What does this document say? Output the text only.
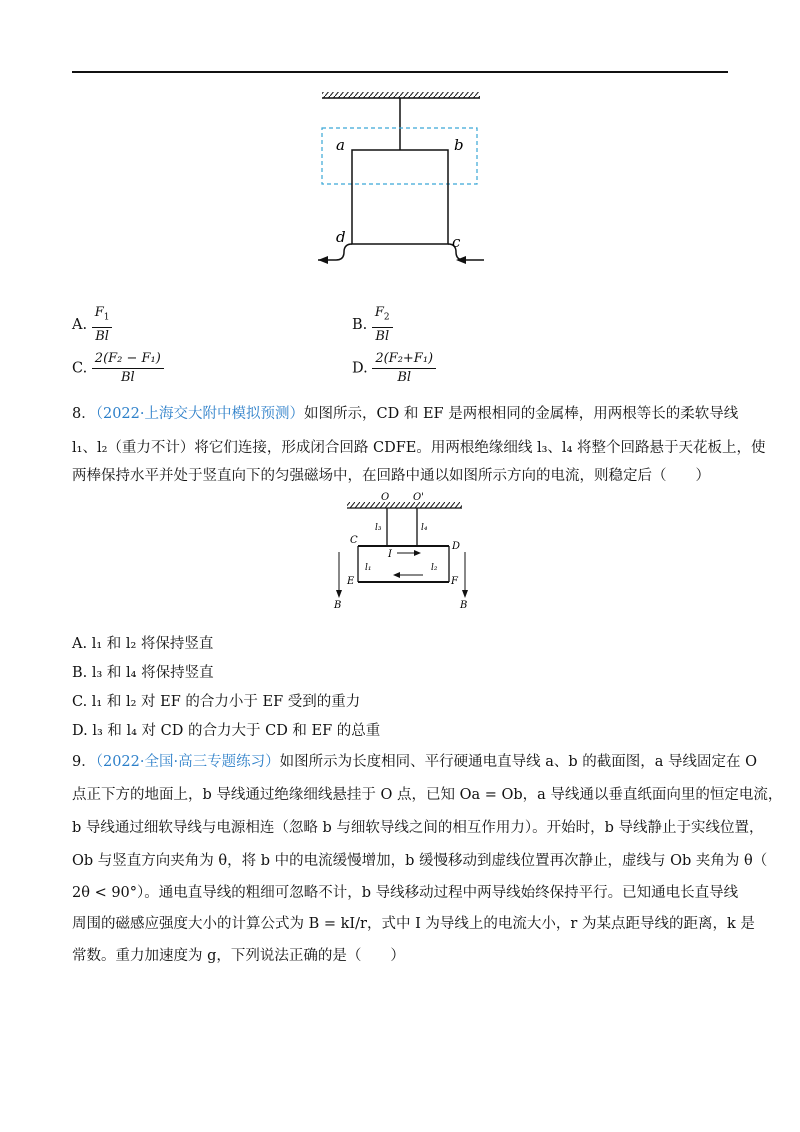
a	b
d	c
A. $\frac{F_1}{Bl}$	B. $\frac{F_2}{Bl}$
C. $\frac{\text{2(F₂ − F₁)}}{Bl}$	D. $\frac{\text{2(F₂+F₁)}}{Bl}$
8．（2022·上海交大附中模拟预测）如图所示，CD 和 EF 是两根相同的金属棒，用两根等长的柔软导线
l₁、l₂（重力不计）将它们连接，形成闭合回路 CDFE。用两根绝缘细线 l₃、l₄ 将整个回路悬于天花板上，使
两棒保持水平并处于竖直向下的匀强磁场中，在回路中通以如图所示方向的电流，则稳定后（　　）
O O'
l₃	l₄
C
D
I
l₁	l₂
E	F
B	B
A. l₁ 和 l₂ 将保持竖直
B. l₃ 和 l₄ 将保持竖直
C. l₁ 和 l₂ 对 EF 的合力小于 EF 受到的重力
D. l₃ 和 l₄ 对 CD 的合力大于 CD 和 EF 的总重
9．（2022·全国·高三专题练习）如图所示为长度相同、平行硬通电直导线 a、b 的截面图，a 导线固定在 O
点正下方的地面上，b 导线通过绝缘细线悬挂于 O 点，已知 Oa = Ob，a 导线通以垂直纸面向里的恒定电流，
b 导线通过细软导线与电源相连（忽略 b 与细软导线之间的相互作用力）。开始时，b 导线静止于实线位置，
Ob 与竖直方向夹角为 θ，将 b 中的电流缓慢增加，b 缓慢移动到虚线位置再次静止，虚线与 Ob 夹角为 θ（
2θ < 90°）。通电直导线的粗细可忽略不计，b 导线移动过程中两导线始终保持平行。已知通电长直导线
周围的磁感应强度大小的计算公式为 B = kI/r，式中 I 为导线上的电流大小，r 为某点距导线的距离，k 是
常数。重力加速度为 g，下列说法正确的是（　　）
